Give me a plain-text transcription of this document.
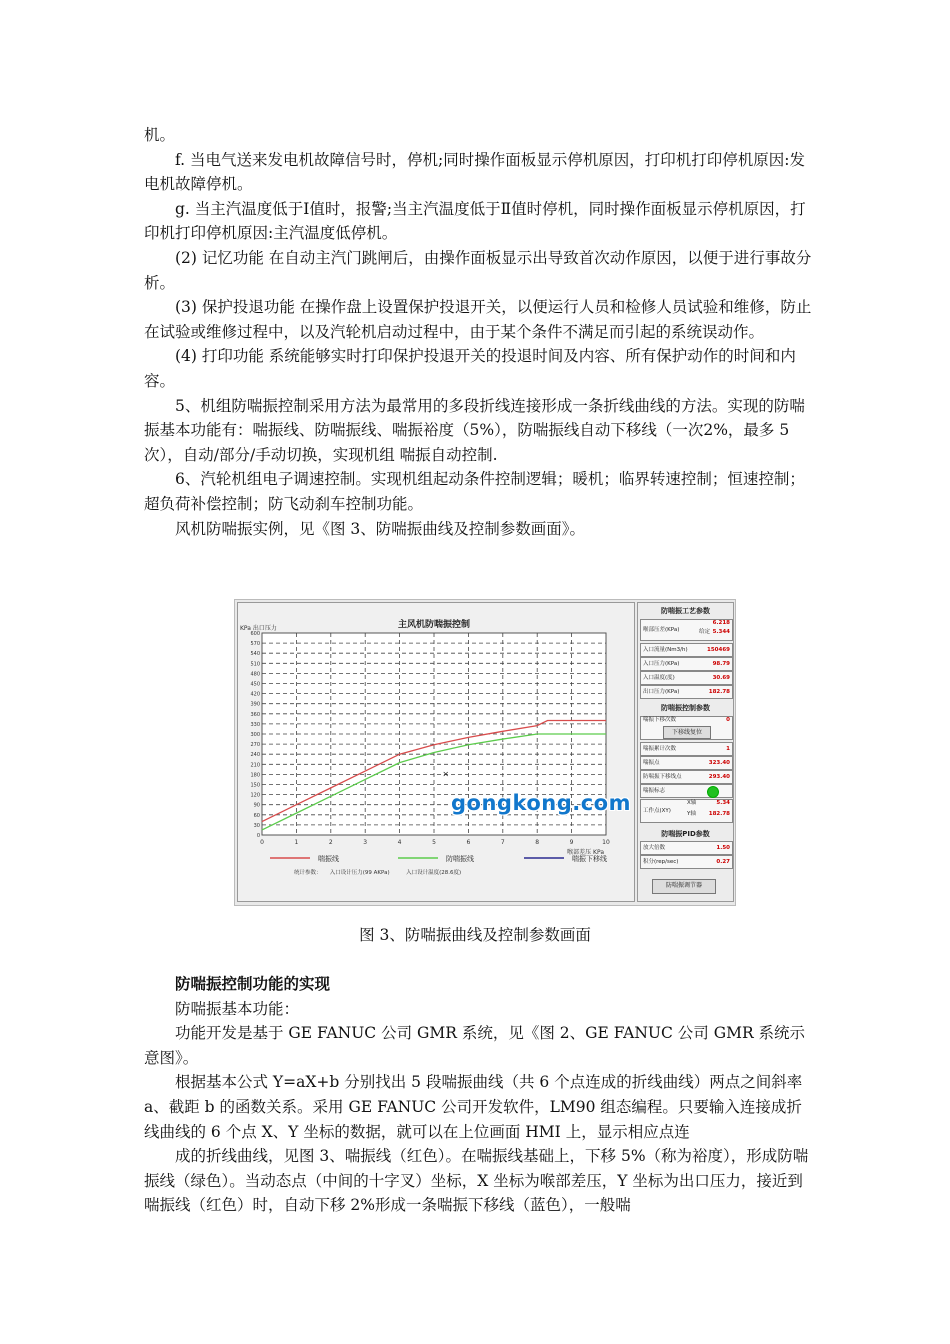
机。

f. 当电气送来发电机故障信号时，停机;同时操作面板显示停机原因，打印机打印停机原因:发电机故障停机。

g. 当主汽温度低于Ⅰ值时，报警;当主汽温度低于Ⅱ值时停机，同时操作面板显示停机原因，打印机打印停机原因:主汽温度低停机。

(2) 记忆功能 在自动主汽门跳闸后，由操作面板显示出导致首次动作原因，以便于进行事故分析。

(3) 保护投退功能 在操作盘上设置保护投退开关，以便运行人员和检修人员试验和维修，防止在试验或维修过程中，以及汽轮机启动过程中，由于某个条件不满足而引起的系统误动作。

(4) 打印功能 系统能够实时打印保护投退开关的投退时间及内容、所有保护动作的时间和内容。

5、机组防喘振控制采用方法为最常用的多段折线连接形成一条折线曲线的方法。实现的防喘振基本功能有：喘振线、防喘振线、喘振裕度（5%），防喘振线自动下移线（一次2%，最多 5 次），自动/部分/手动切换，实现机组 喘振自动控制.

6、汽轮机组电子调速控制。实现机组起动条件控制逻辑；暖机；临界转速控制；恒速控制；超负荷补偿控制；防飞动刹车控制功能。

风机防喘振实例，见《图 3、防喘振曲线及控制参数画面》。

主风机防喘振控制
KPa 出口压力
喉部差压 KPa
0	1	2	3	4	5	6	7	8	9	10
0
30
60
90
120
150
180
210
240
270
300
330
360
390
420
450
480
510
540
570
600
×
喘振线	防喘振线	喘振下移线
统计参数：　　入口设计压力(99 AKPa)　　　入口设计温度(28.6度)
gongkong.com
防喘振工艺参数
喉部压差(KPa)
6.218
给定 5.344
入口流量(Nm3/h)	150469
入口压力(KPa)	98.79
入口温度(度)	30.69
出口压力(KPa)	182.78
防喘振控制参数
喘振下移次数	0
下移线复位
喘振累计次数	1
喘振点	323.40
防喘振下移线点	293.40
喘振标志
工作点(XY)
X轴	5.34
Y轴 182.78
防喘振PID参数
放大倍数	1.50
积分(rep/sec)	0.27
防喘振调节器
图 3、防喘振曲线及控制参数画面

防喘振控制功能的实现

防喘振基本功能：

功能开发是基于 GE FANUC 公司 GMR 系统，见《图 2、GE FANUC 公司 GMR 系统示意图》。

根据基本公式 Y=aX+b 分别找出 5 段喘振曲线（共 6 个点连成的折线曲线）两点之间斜率 a、截距 b 的函数关系。采用 GE FANUC 公司开发软件，LM90 组态编程。只要输入连接成折线曲线的 6 个点 X、Y 坐标的数据，就可以在上位画面 HMI 上，显示相应点连

成的折线曲线，见图 3、喘振线（红色）。在喘振线基础上，下移 5%（称为裕度），形成防喘振线（绿色）。当动态点（中间的十字叉）坐标，X 坐标为喉部差压，Y 坐标为出口压力，接近到喘振线（红色）时，自动下移 2%形成一条喘振下移线（蓝色），一般喘
